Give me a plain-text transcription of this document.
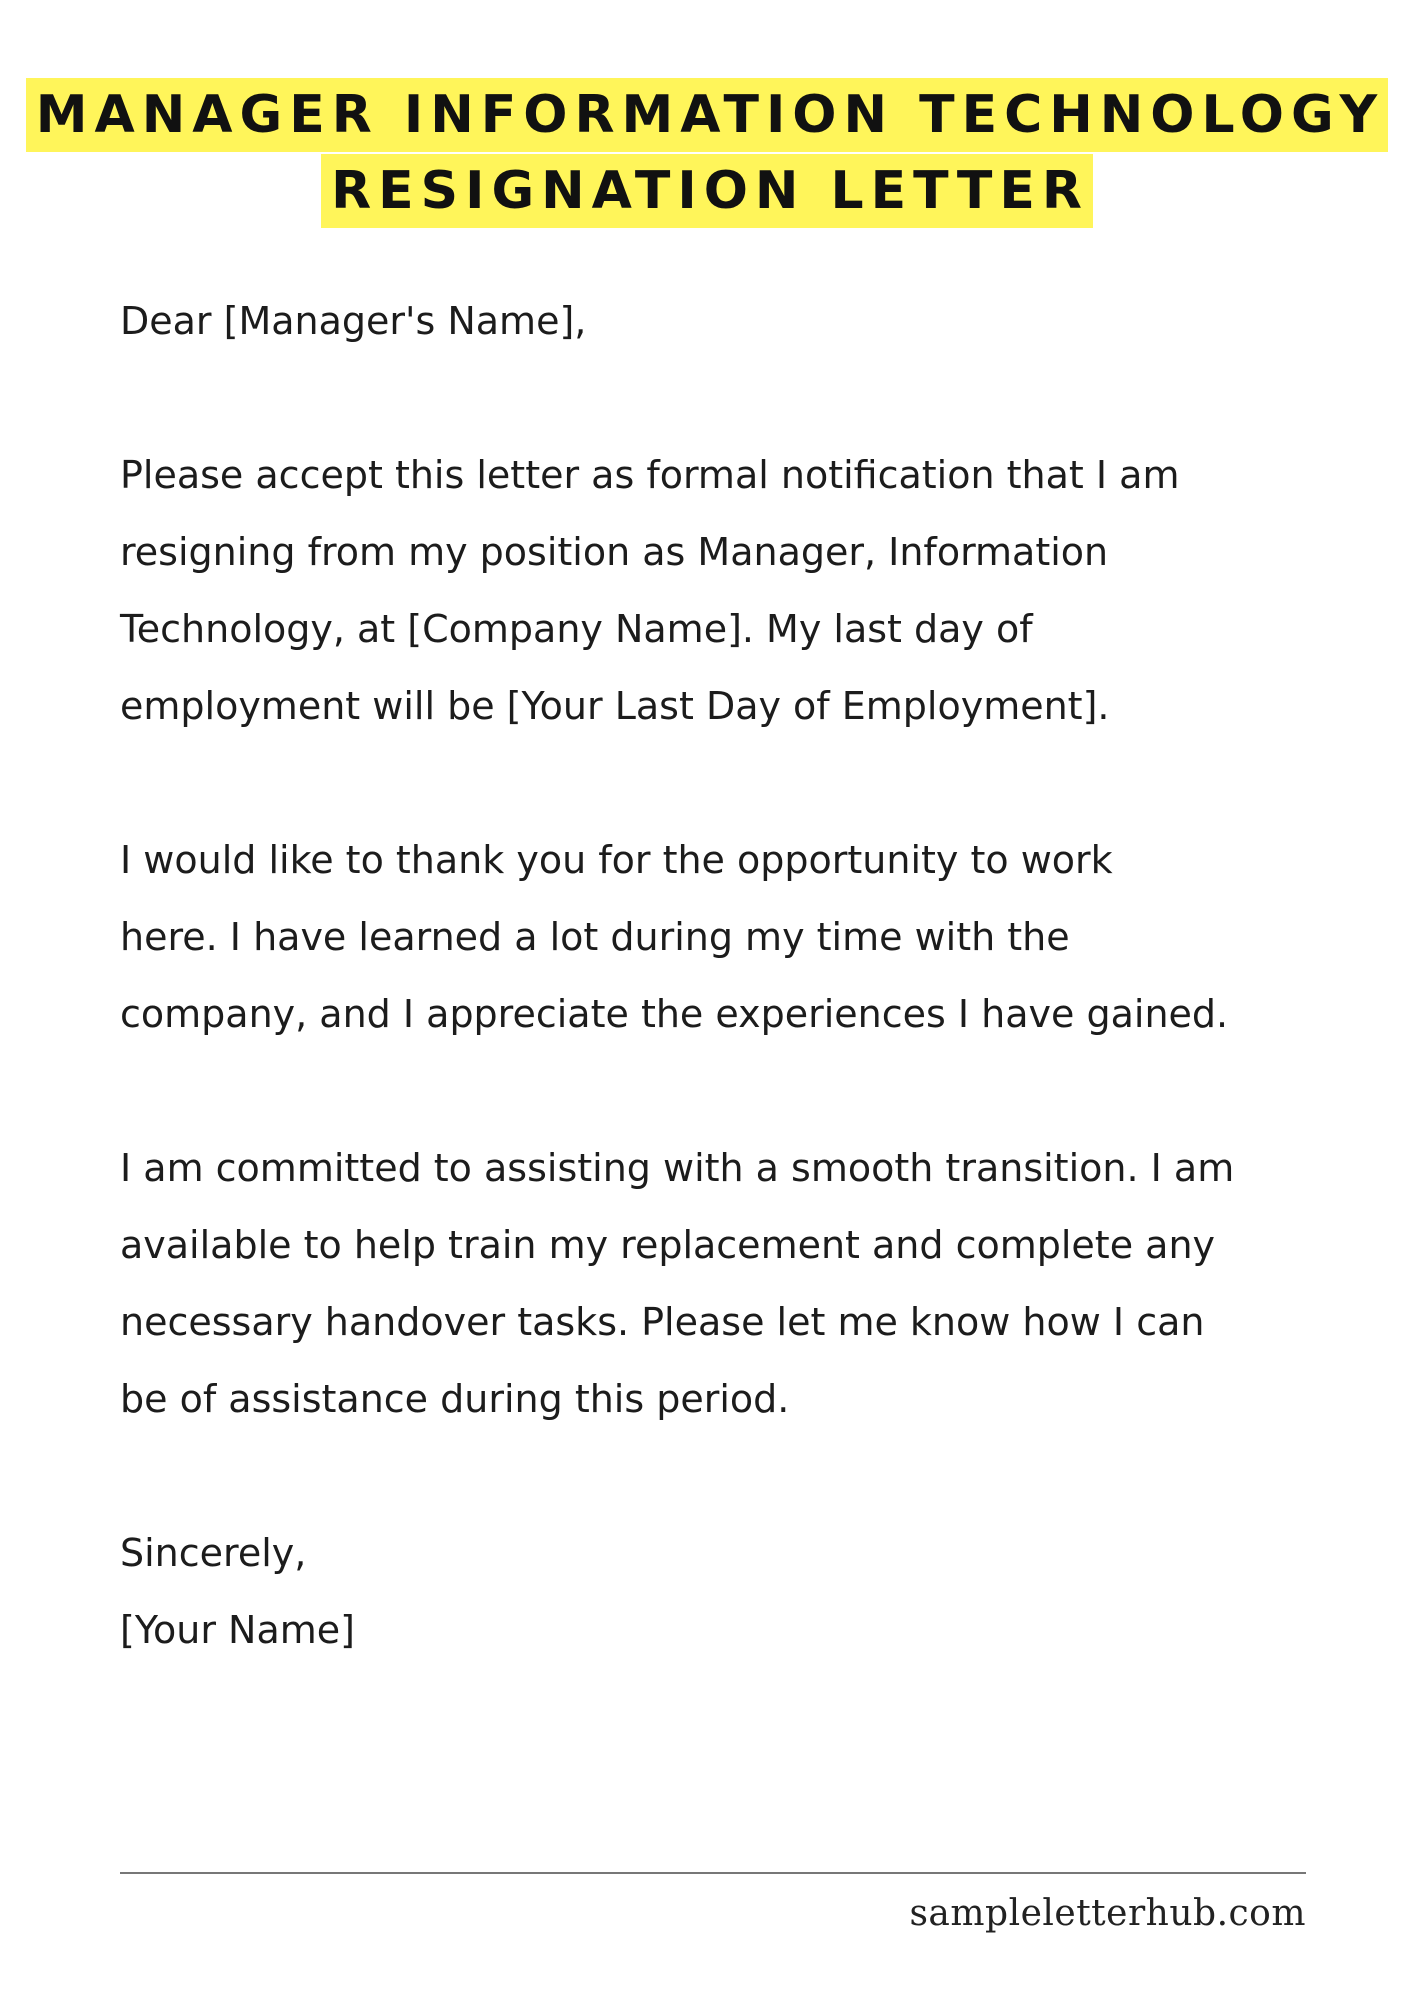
MANAGER INFORMATION TECHNOLOGY
RESIGNATION LETTER
Dear [Manager's Name],
Please accept this letter as formal notification that I am
resigning from my position as Manager, Information
Technology, at [Company Name]. My last day of
employment will be [Your Last Day of Employment].
I would like to thank you for the opportunity to work
here. I have learned a lot during my time with the
company, and I appreciate the experiences I have gained.
I am committed to assisting with a smooth transition. I am
available to help train my replacement and complete any
necessary handover tasks. Please let me know how I can
be of assistance during this period.
Sincerely,
[Your Name]
sampleletterhub.com
